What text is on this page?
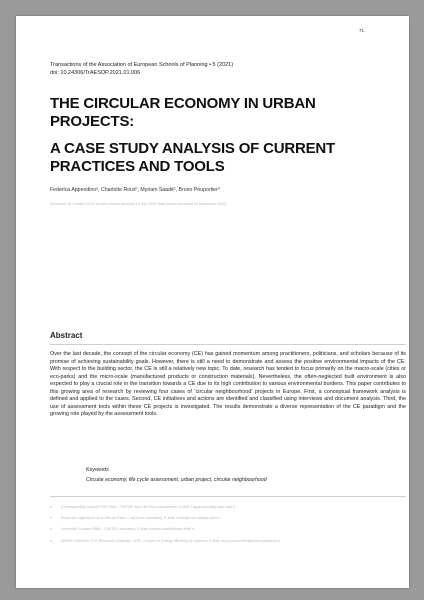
71
Transactions of the Association of European Schools of Planning • 5 (2021)
doi: 10.24306/TrAESOP.2021.01.006
THE CIRCULAR ECONOMY IN URBAN PROJECTS:
A CASE STUDY ANALYSIS OF CURRENT PRACTICES AND TOOLS
Federica Appendinoᵃ, Charlotte Rouxᵇ, Myriam Saadéᶜ, Bruno Peuportierᵈ
(Received 18 October 2019; revised version received 16 July 2020; final version accepted 18 September 2020)
Abstract
Over the last decade, the concept of the circular economy (CE) has gained momentum among practitioners, politicians, and scholars because of its promise of achieving sustainability goals. However, there is still a need to demonstrate and assess the positive environmental impacts of the CE. With respect to the building sector, the CE is still a relatively new topic. To date, research has tended to focus primarily on the macro-scale (cities or eco-parks) and the micro-scale (manufactured products or construction materials). Nevertheless, the often-neglected built environment is also expected to play a crucial role in the transition towards a CE due to its high contribution to various environmental burdens. This paper contributes to this growing area of research by reviewing four cases of ‘circular neighbourhood’ projects in Europe. First, a conceptual framework analysis is defined and applied to the cases. Second, CE initiatives and actions are identified and classified using interviews and document analysis. Third, the use of assessment tools within these CE projects is investigated. The results demonstrate a diverse representation of the CE paradigm and the growing role played by the assessment tools.
Keywords
Circular economy, life cycle assessment, urban project, circular neighbourhood
a	(Corresponding author) ESPI Paris – ESPOR and Lab’Urba Laboratories; E-Mail: f.appendino@groupe-espi.fr
b	Ecole des Ingénieurs de la Ville de Paris – Lab’Urba Laboratory; E-Mail: charlotte.roux@eivp-paris.fr
c	Université Gustave Eiffel – DIKLES Laboratory; E-Mail: myriam.saade@univ-eiffel.fr
d	MINES ParisTech, PSL Research University, CES – Centre for Energy efficiency of Systems; E-Mail: bruno.peuportier@mines-paristech.fr
